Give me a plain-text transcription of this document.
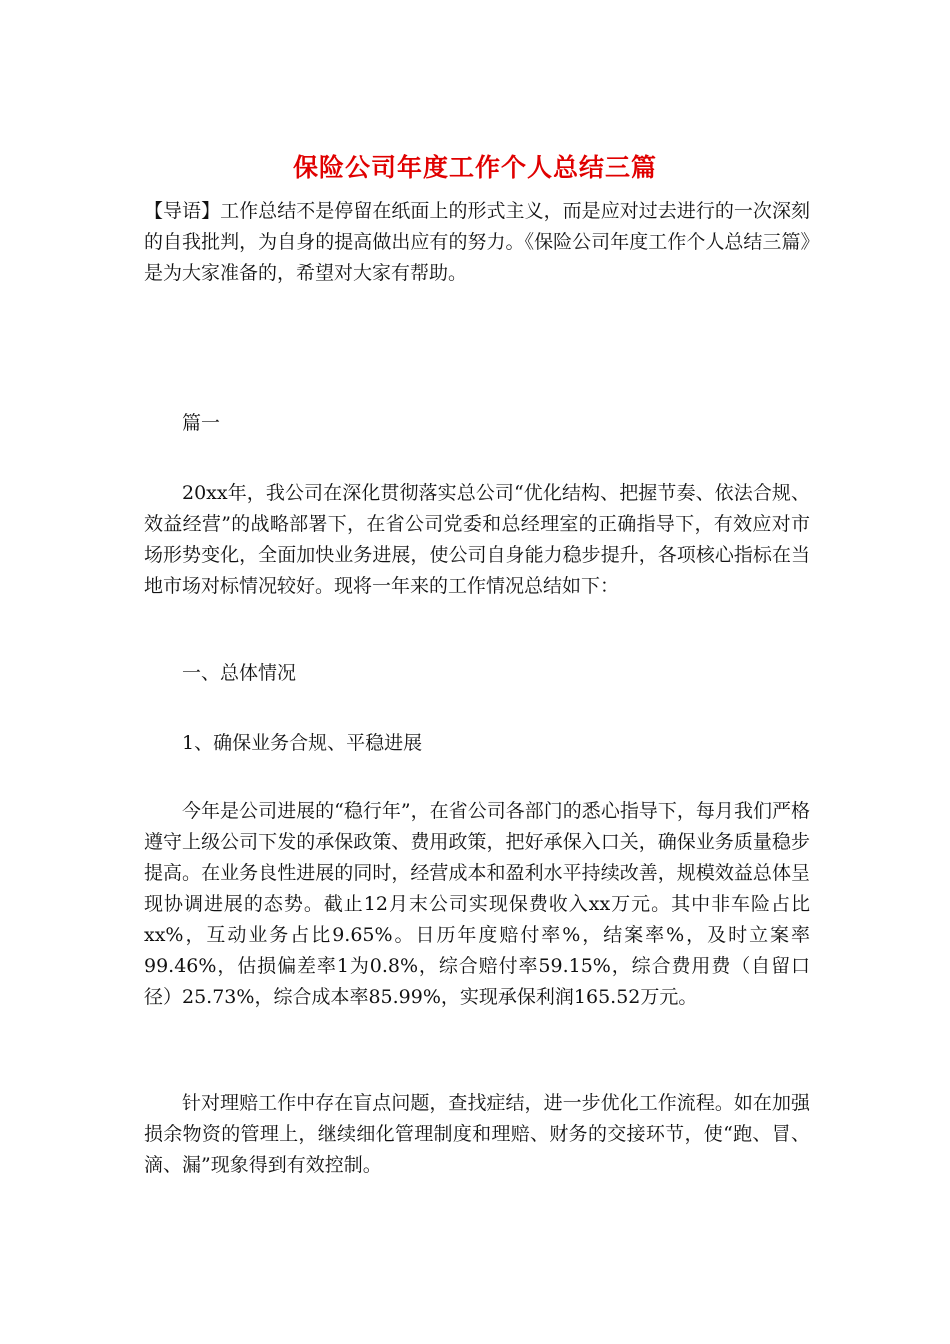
保险公司年度工作个人总结三篇

【导语】工作总结不是停留在纸面上的形式主义，而是应对过去进行的一次深刻的自我批判，为自身的提高做出应有的努力。《保险公司年度工作个人总结三篇》是为大家准备的，希望对大家有帮助。

篇一

20xx年，我公司在深化贯彻落实总公司“优化结构、把握节奏、依法合规、效益经营”的战略部署下，在省公司党委和总经理室的正确指导下，有效应对市场形势变化，全面加快业务进展，使公司自身能力稳步提升，各项核心指标在当地市场对标情况较好。现将一年来的工作情况总结如下：

一、总体情况

1、确保业务合规、平稳进展

今年是公司进展的“稳行年”，在省公司各部门的悉心指导下，每月我们严格遵守上级公司下发的承保政策、费用政策，把好承保入口关，确保业务质量稳步提高。在业务良性进展的同时，经营成本和盈利水平持续改善，规模效益总体呈现协调进展的态势。截止12月末公司实现保费收入xx万元。其中非车险占比xx%，互动业务占比9.65%。日历年度赔付率%，结案率%，及时立案率99.46%，估损偏差率1为0.8%，综合赔付率59.15%，综合费用费（自留口径）25.73%，综合成本率85.99%，实现承保利润165.52万元。

针对理赔工作中存在盲点问题，查找症结，进一步优化工作流程。如在加强损余物资的管理上，继续细化管理制度和理赔、财务的交接环节，使“跑、冒、滴、漏”现象得到有效控制。
